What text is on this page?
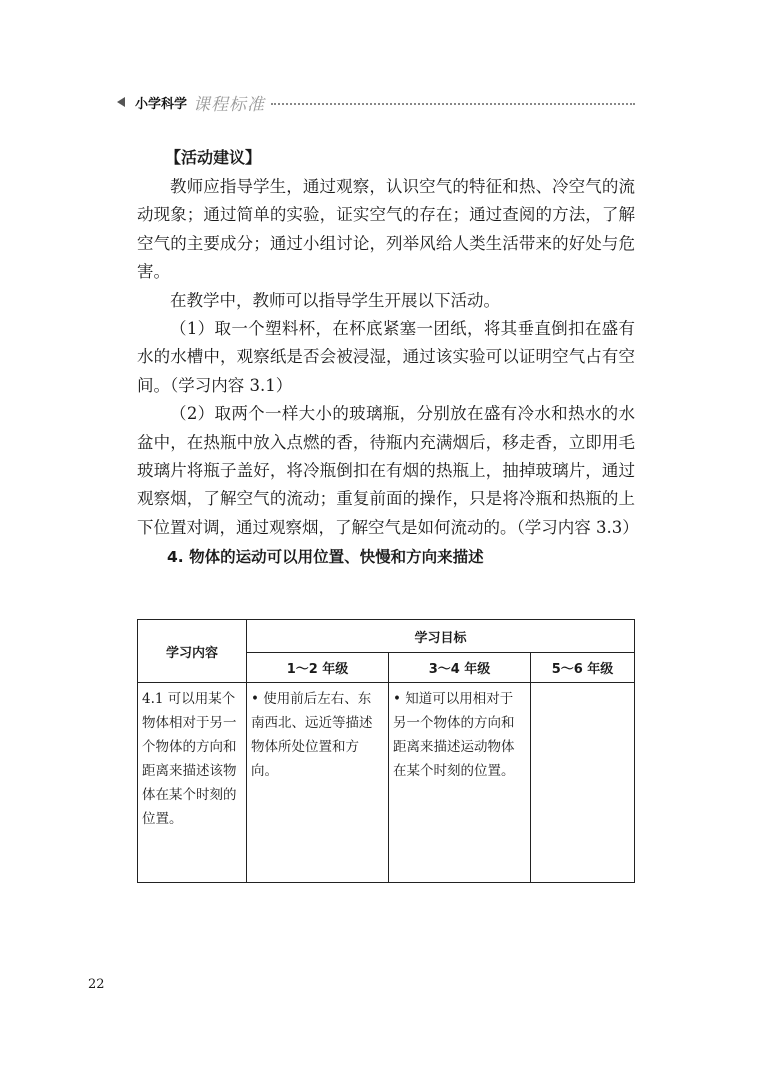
小学科学 课程标准
【活动建议】

教师应指导学生，通过观察，认识空气的特征和热、冷空气的流动现象；通过简单的实验，证实空气的存在；通过查阅的方法，了解空气的主要成分；通过小组讨论，列举风给人类生活带来的好处与危害。

在教学中，教师可以指导学生开展以下活动。

（1）取一个塑料杯，在杯底紧塞一团纸，将其垂直倒扣在盛有水的水槽中，观察纸是否会被浸湿，通过该实验可以证明空气占有空间。（学习内容 3.1）

（2）取两个一样大小的玻璃瓶，分别放在盛有冷水和热水的水盆中，在热瓶中放入点燃的香，待瓶内充满烟后，移走香，立即用毛玻璃片将瓶子盖好，将冷瓶倒扣在有烟的热瓶上，抽掉玻璃片，通过观察烟，了解空气的流动；重复前面的操作，只是将冷瓶和热瓶的上下位置对调，通过观察烟，了解空气是如何流动的。（学习内容 3.3）

4. 物体的运动可以用位置、快慢和方向来描述
学习内容	学习目标		
	1～2 年级	3～4 年级	5～6 年级
4.1 可以用某个物体相对于另一个物体的方向和距离来描述该物体在某个时刻的位置。	• 使用前后左右、东南西北、远近等描述物体所处位置和方向。	• 知道可以用相对于另一个物体的方向和距离来描述运动物体在某个时刻的位置。	
22
